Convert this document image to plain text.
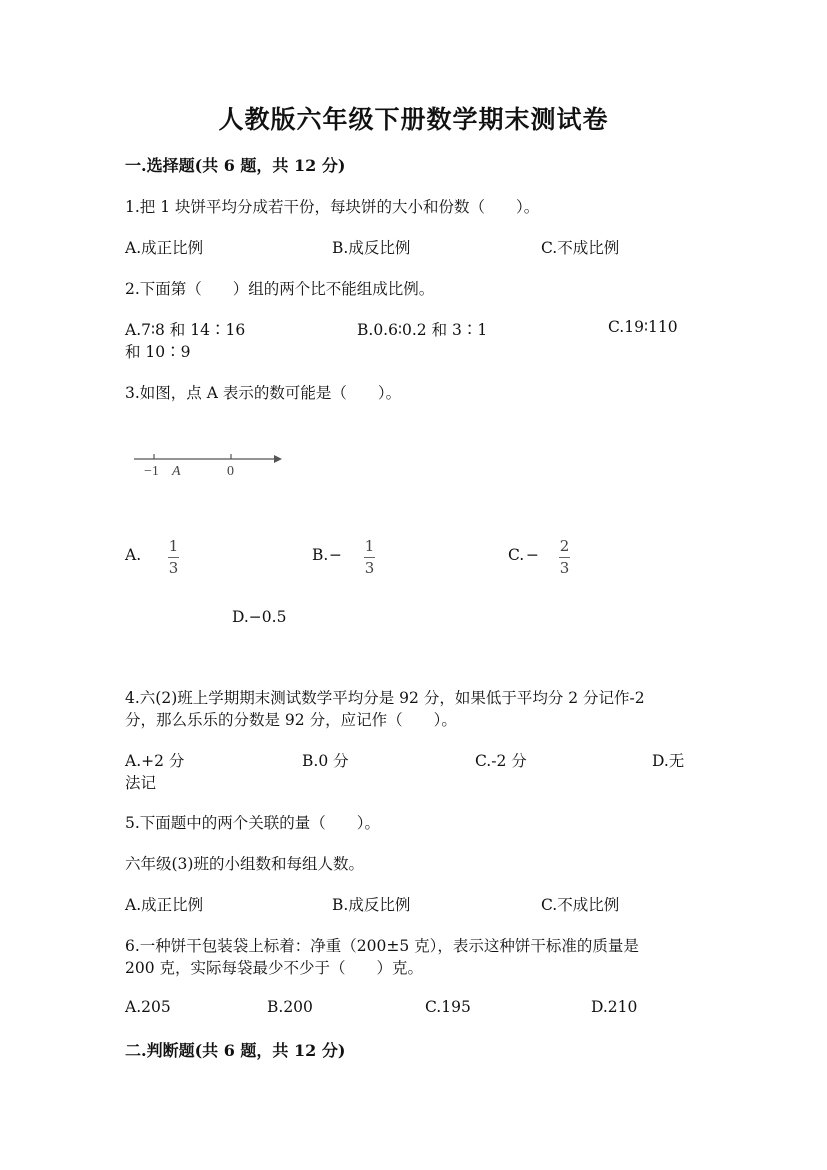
人教版六年级下册数学期末测试卷
一.选择题(共 6 题，共 12 分)
1.把 1 块饼平均分成若干份，每块饼的大小和份数（　　）。
A.成正比例	B.成反比例	C.不成比例
2.下面第（　　）组的两个比不能组成比例。
A.7∶8 和 14∶16	B.0.6∶0.2 和 3∶1	C.19∶110
和 10∶9
3.如图，点 A 表示的数可能是（　　）。
−1 A	0
A. 1
3
B. − 1
3
C. − 2
3
D.−0.5
4.六(2)班上学期期末测试数学平均分是 92 分，如果低于平均分 2 分记作-2
分，那么乐乐的分数是 92 分，应记作（　　）。
A.+2 分	B.0 分	C.-2 分	D.无
法记
5.下面题中的两个关联的量（　　）。
六年级(3)班的小组数和每组人数。
A.成正比例	B.成反比例	C.不成比例
6.一种饼干包装袋上标着：净重（200±5 克），表示这种饼干标准的质量是
200 克，实际每袋最少不少于（　　）克。
A.205	B.200	C.195	D.210
二.判断题(共 6 题，共 12 分)
